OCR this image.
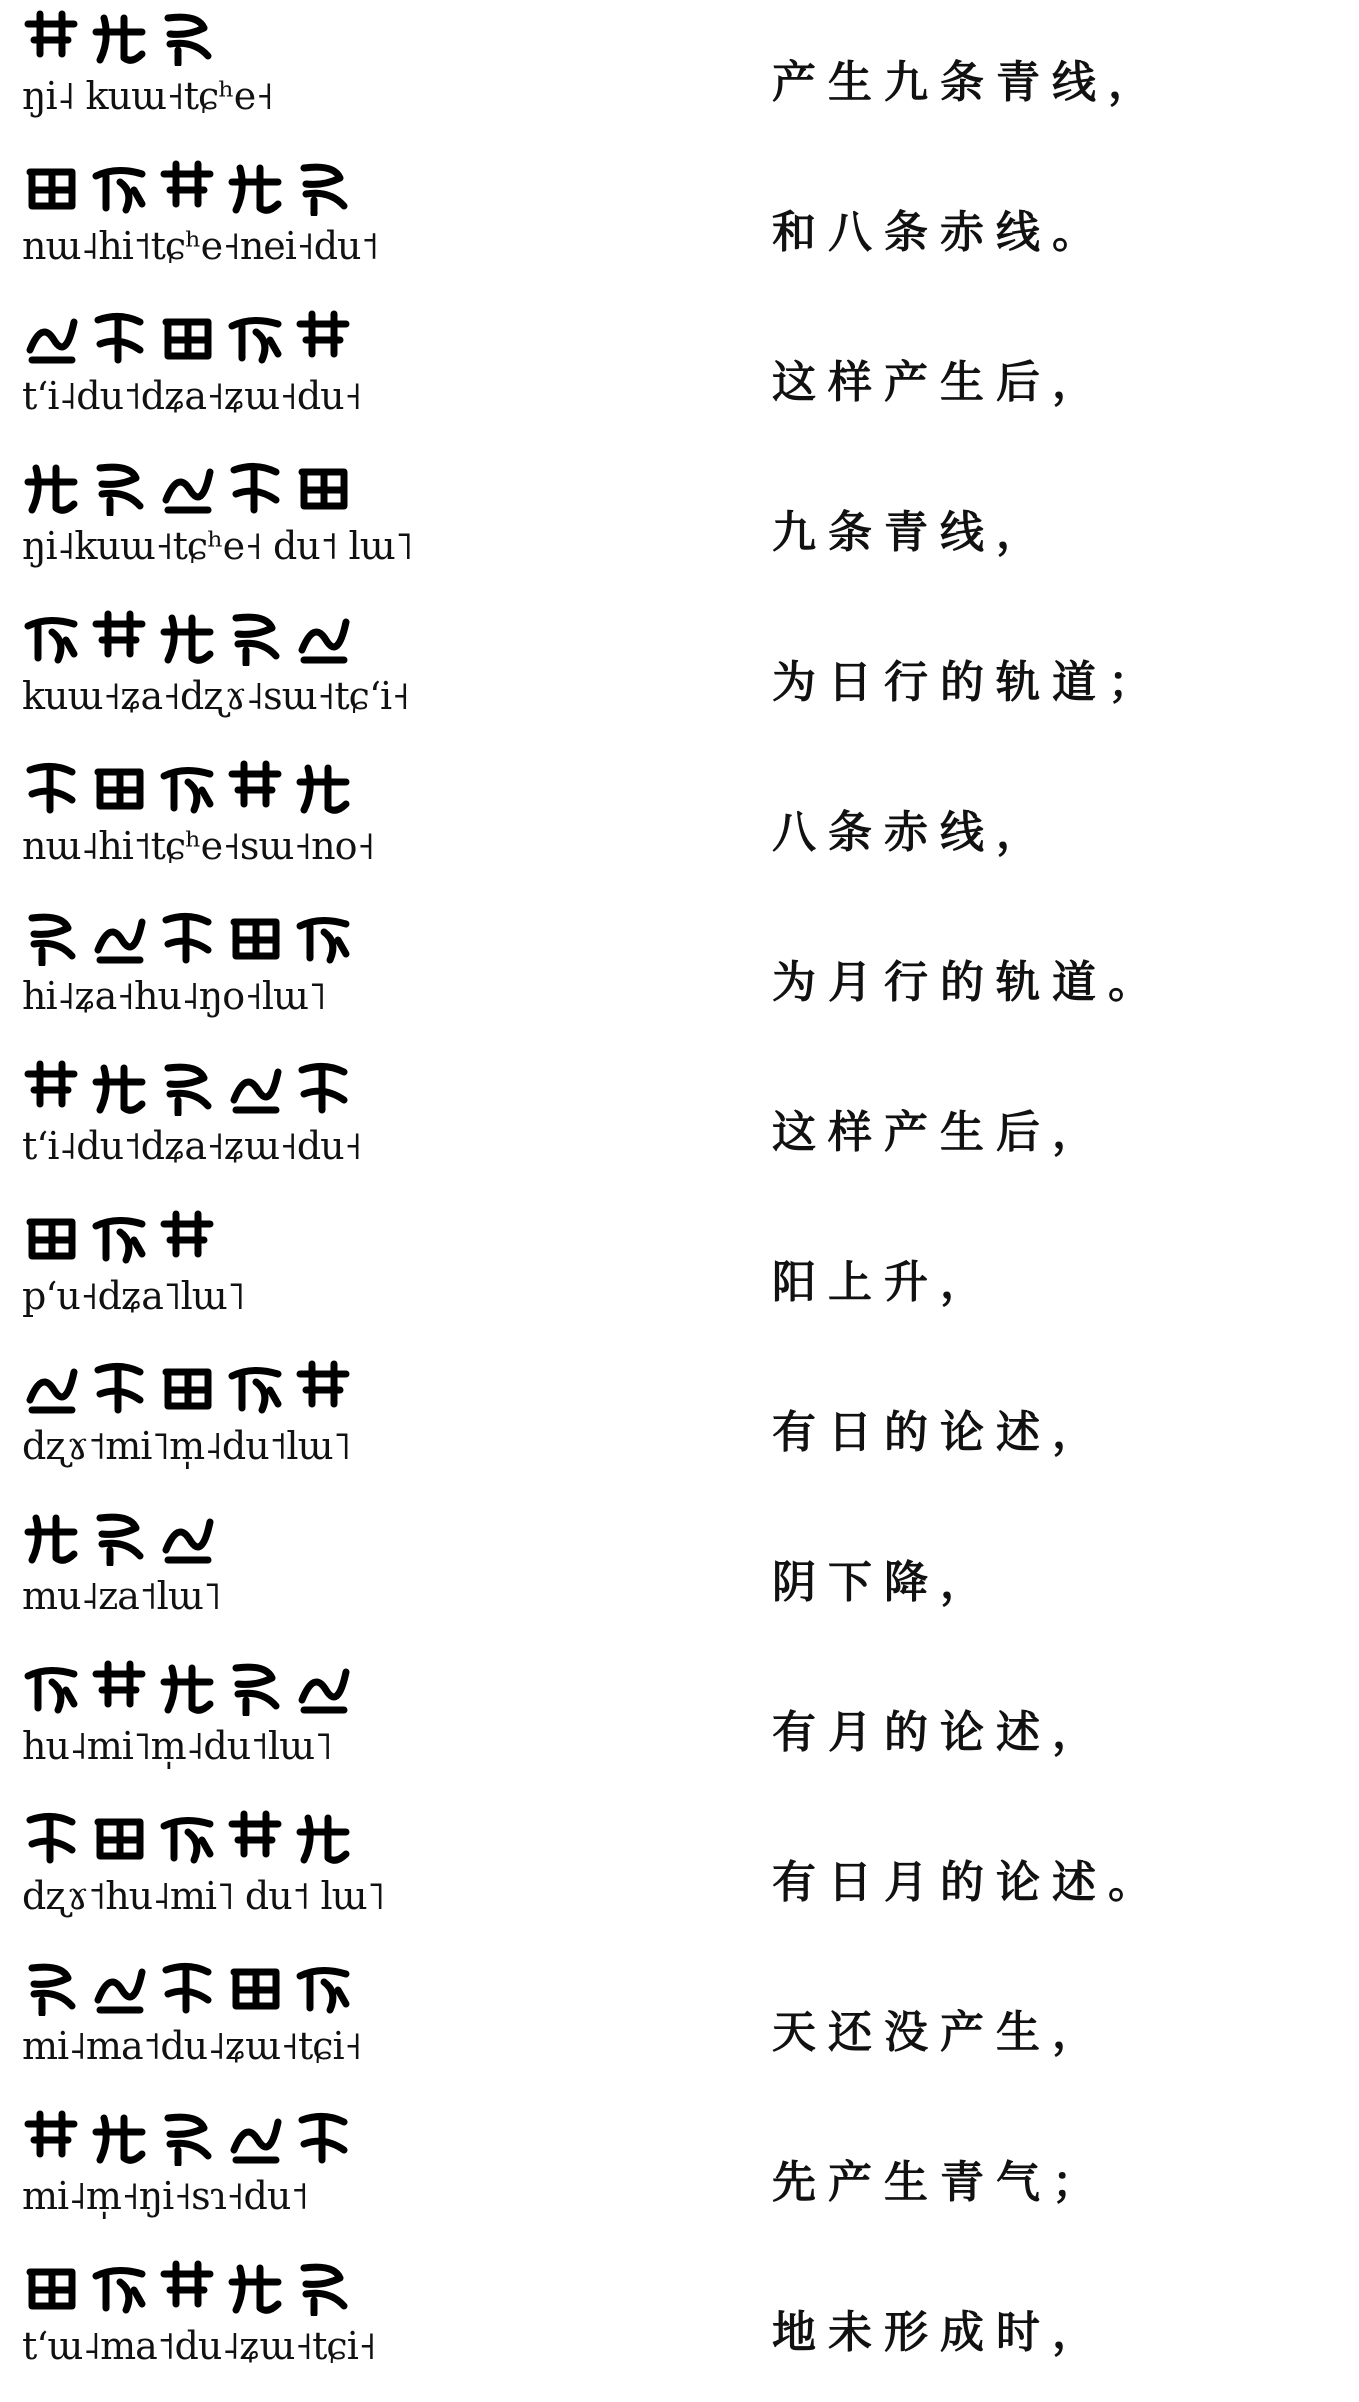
ŋi˨ kuɯ˧tɕʰe˧	产生九条青线，
nɯ˨hi˦tɕʰe˧nei˧du˦	和八条赤线。
tʻi˨du˦dʑa˧ʑɯ˧du˧	这样产生后，
ŋi˨kuɯ˧tɕʰe˧ du˦ lɯ˥	九条青线，
kuɯ˧ʑa˧dʐɤ˨sɯ˧tɕʻi˧	为日行的轨道；
nɯ˨hi˦tɕʰe˧sɯ˧no˧	八条赤线，
hi˨ʑa˧hu˨ŋo˧lɯ˥	为月行的轨道。
tʻi˨du˦dʑa˧ʑɯ˧du˧	这样产生后，
pʻu˧dʑa˥lɯ˥	阳上升，
dʐɤ˦mi˥m̩˨du˦lɯ˥	有日的论述，
mu˨za˦lɯ˥	阴下降，
hu˨mi˥m̩˨du˦lɯ˥	有月的论述，
dʐɤ˦hu˨mi˥ du˦ lɯ˥	有日月的论述。
mi˨ma˦du˨ʑɯ˧tɕi˧	天还没产生，
mi˨m̩˧ŋi˧sɿ˧du˦	先产生青气；
tʻɯ˨ma˦du˨ʑɯ˧tɕi˧	地未形成时，
